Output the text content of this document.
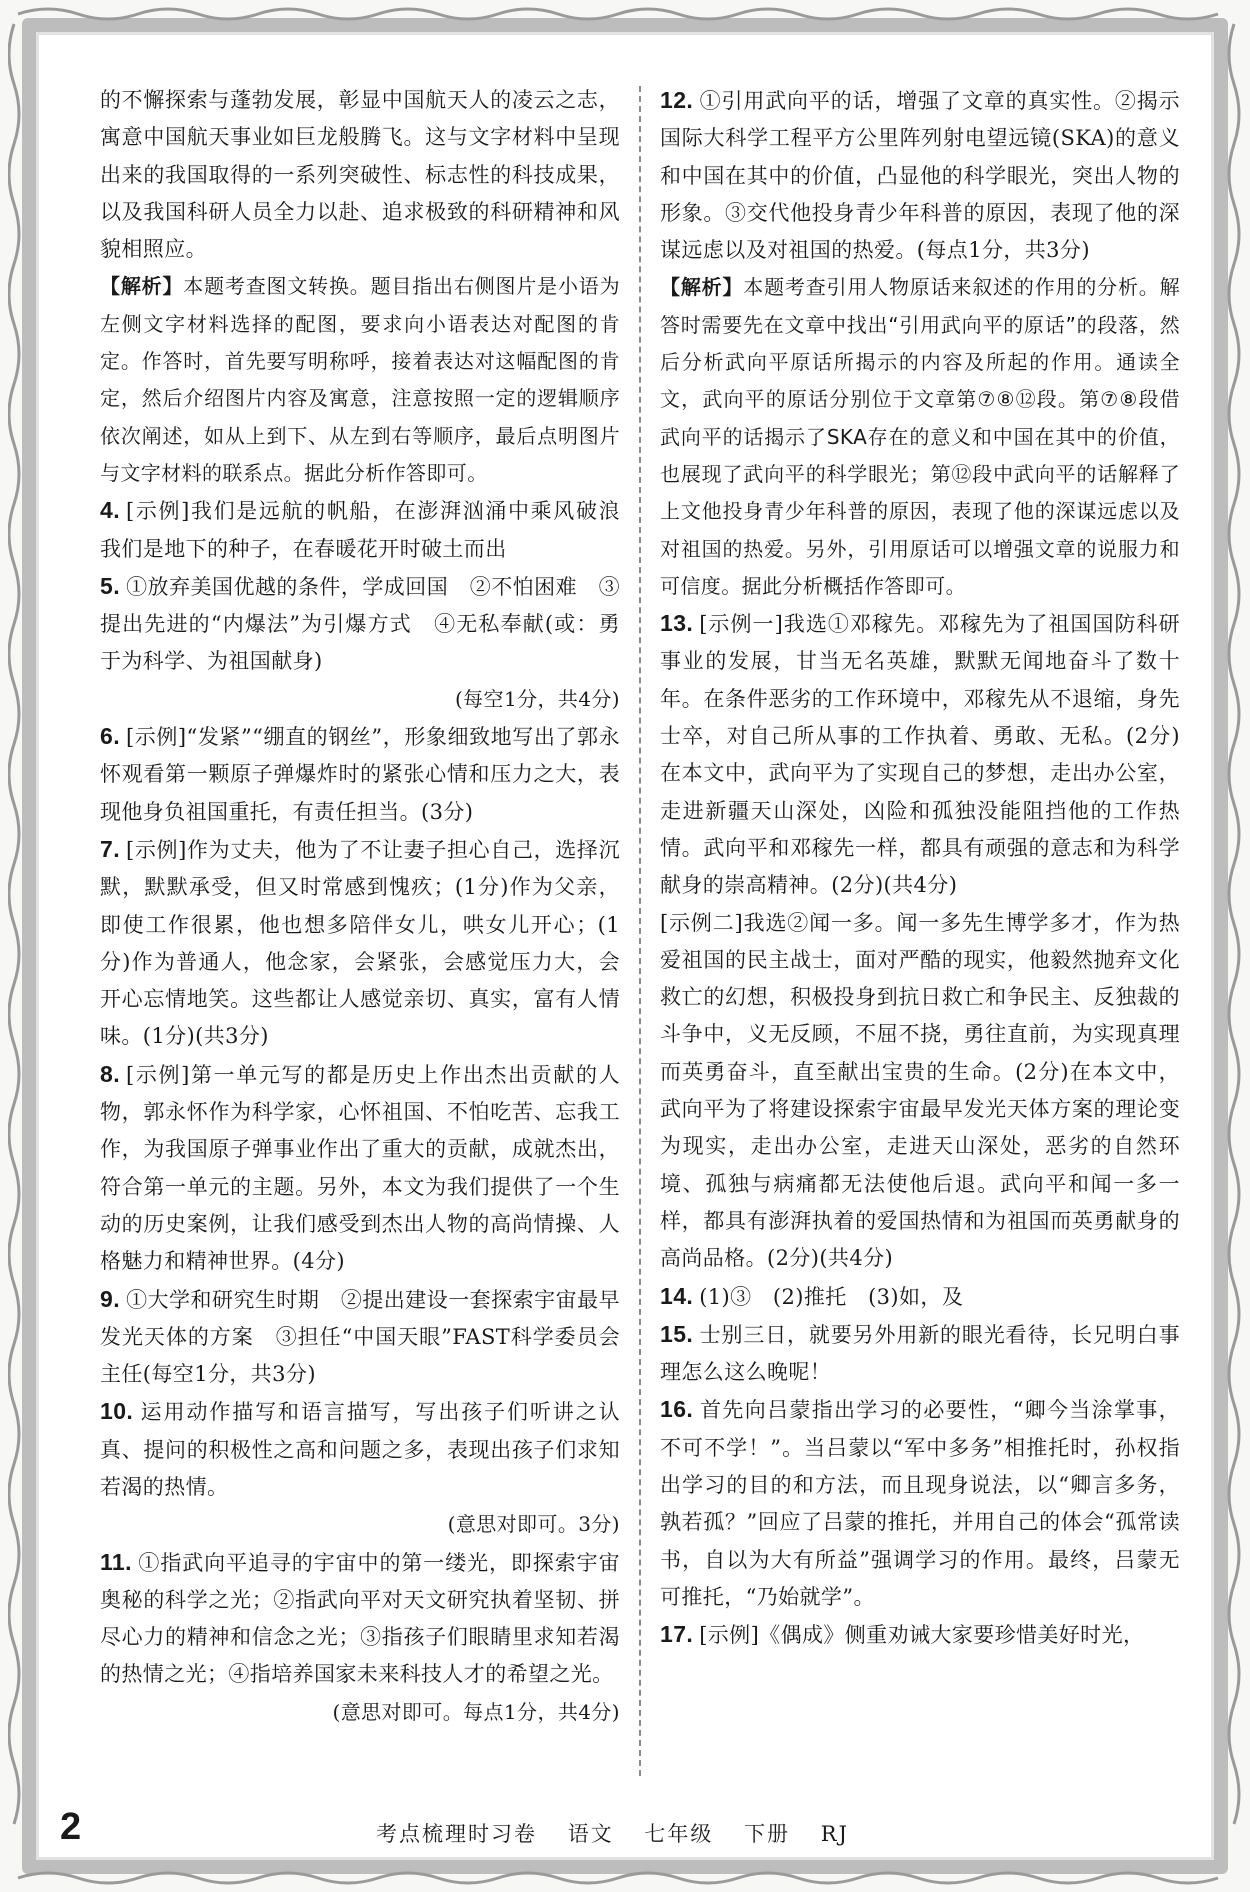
的不懈探索与蓬勃发展，彰显中国航天人的凌云之志，寓意中国航天事业如巨龙般腾飞。这与文字材料中呈现出来的我国取得的一系列突破性、标志性的科技成果，以及我国科研人员全力以赴、追求极致的科研精神和风貌相照应。

【解析】本题考查图文转换。题目指出右侧图片是小语为左侧文字材料选择的配图，要求向小语表达对配图的肯定。作答时，首先要写明称呼，接着表达对这幅配图的肯定，然后介绍图片内容及寓意，注意按照一定的逻辑顺序依次阐述，如从上到下、从左到右等顺序，最后点明图片与文字材料的联系点。据此分析作答即可。

4. [示例]我们是远航的帆船，在澎湃汹涌中乘风破浪　我们是地下的种子，在春暖花开时破土而出

5. ①放弃美国优越的条件，学成回国　②不怕困难　③提出先进的“内爆法”为引爆方式　④无私奉献(或：勇于为科学、为祖国献身)

(每空1分，共4分)

6. [示例]“发紧”“绷直的钢丝”，形象细致地写出了郭永怀观看第一颗原子弹爆炸时的紧张心情和压力之大，表现他身负祖国重托，有责任担当。(3分)

7. [示例]作为丈夫，他为了不让妻子担心自己，选择沉默，默默承受，但又时常感到愧疚；(1分)作为父亲，即使工作很累，他也想多陪伴女儿，哄女儿开心；(1分)作为普通人，他念家，会紧张，会感觉压力大，会开心忘情地笑。这些都让人感觉亲切、真实，富有人情味。(1分)(共3分)

8. [示例]第一单元写的都是历史上作出杰出贡献的人物，郭永怀作为科学家，心怀祖国、不怕吃苦、忘我工作，为我国原子弹事业作出了重大的贡献，成就杰出，符合第一单元的主题。另外，本文为我们提供了一个生动的历史案例，让我们感受到杰出人物的高尚情操、人格魅力和精神世界。(4分)

9. ①大学和研究生时期　②提出建设一套探索宇宙最早发光天体的方案　③担任“中国天眼”FAST科学委员会主任(每空1分，共3分)

10. 运用动作描写和语言描写，写出孩子们听讲之认真、提问的积极性之高和问题之多，表现出孩子们求知若渴的热情。

(意思对即可。3分)

11. ①指武向平追寻的宇宙中的第一缕光，即探索宇宙奥秘的科学之光；②指武向平对天文研究执着坚韧、拼尽心力的精神和信念之光；③指孩子们眼睛里求知若渴的热情之光；④指培养国家未来科技人才的希望之光。

(意思对即可。每点1分，共4分)

12. ①引用武向平的话，增强了文章的真实性。②揭示国际大科学工程平方公里阵列射电望远镜(SKA)的意义和中国在其中的价值，凸显他的科学眼光，突出人物的形象。③交代他投身青少年科普的原因，表现了他的深谋远虑以及对祖国的热爱。(每点1分，共3分)

【解析】本题考查引用人物原话来叙述的作用的分析。解答时需要先在文章中找出“引用武向平的原话”的段落，然后分析武向平原话所揭示的内容及所起的作用。通读全文，武向平的原话分别位于文章第⑦⑧⑫段。第⑦⑧段借武向平的话揭示了SKA存在的意义和中国在其中的价值，也展现了武向平的科学眼光；第⑫段中武向平的话解释了上文他投身青少年科普的原因，表现了他的深谋远虑以及对祖国的热爱。另外，引用原话可以增强文章的说服力和可信度。据此分析概括作答即可。

13. [示例一]我选①邓稼先。邓稼先为了祖国国防科研事业的发展，甘当无名英雄，默默无闻地奋斗了数十年。在条件恶劣的工作环境中，邓稼先从不退缩，身先士卒，对自己所从事的工作执着、勇敢、无私。(2分)在本文中，武向平为了实现自己的梦想，走出办公室，走进新疆天山深处，凶险和孤独没能阻挡他的工作热情。武向平和邓稼先一样，都具有顽强的意志和为科学献身的崇高精神。(2分)(共4分)

[示例二]我选②闻一多。闻一多先生博学多才，作为热爱祖国的民主战士，面对严酷的现实，他毅然抛弃文化救亡的幻想，积极投身到抗日救亡和争民主、反独裁的斗争中，义无反顾，不屈不挠，勇往直前，为实现真理而英勇奋斗，直至献出宝贵的生命。(2分)在本文中，武向平为了将建设探索宇宙最早发光天体方案的理论变为现实，走出办公室，走进天山深处，恶劣的自然环境、孤独与病痛都无法使他后退。武向平和闻一多一样，都具有澎湃执着的爱国热情和为祖国而英勇献身的高尚品格。(2分)(共4分)

14. (1)③　(2)推托　(3)如，及

15. 士别三日，就要另外用新的眼光看待，长兄明白事理怎么这么晚呢！

16. 首先向吕蒙指出学习的必要性，“卿今当涂掌事，不可不学！”。当吕蒙以“军中多务”相推托时，孙权指出学习的目的和方法，而且现身说法，以“卿言多务，孰若孤？”回应了吕蒙的推托，并用自己的体会“孤常读书，自以为大有所益”强调学习的作用。最终，吕蒙无可推托，“乃始就学”。

17. [示例]《偶成》侧重劝诫大家要珍惜美好时光，

2	考点梳理时习卷 语文 七年级 下册 RJ
